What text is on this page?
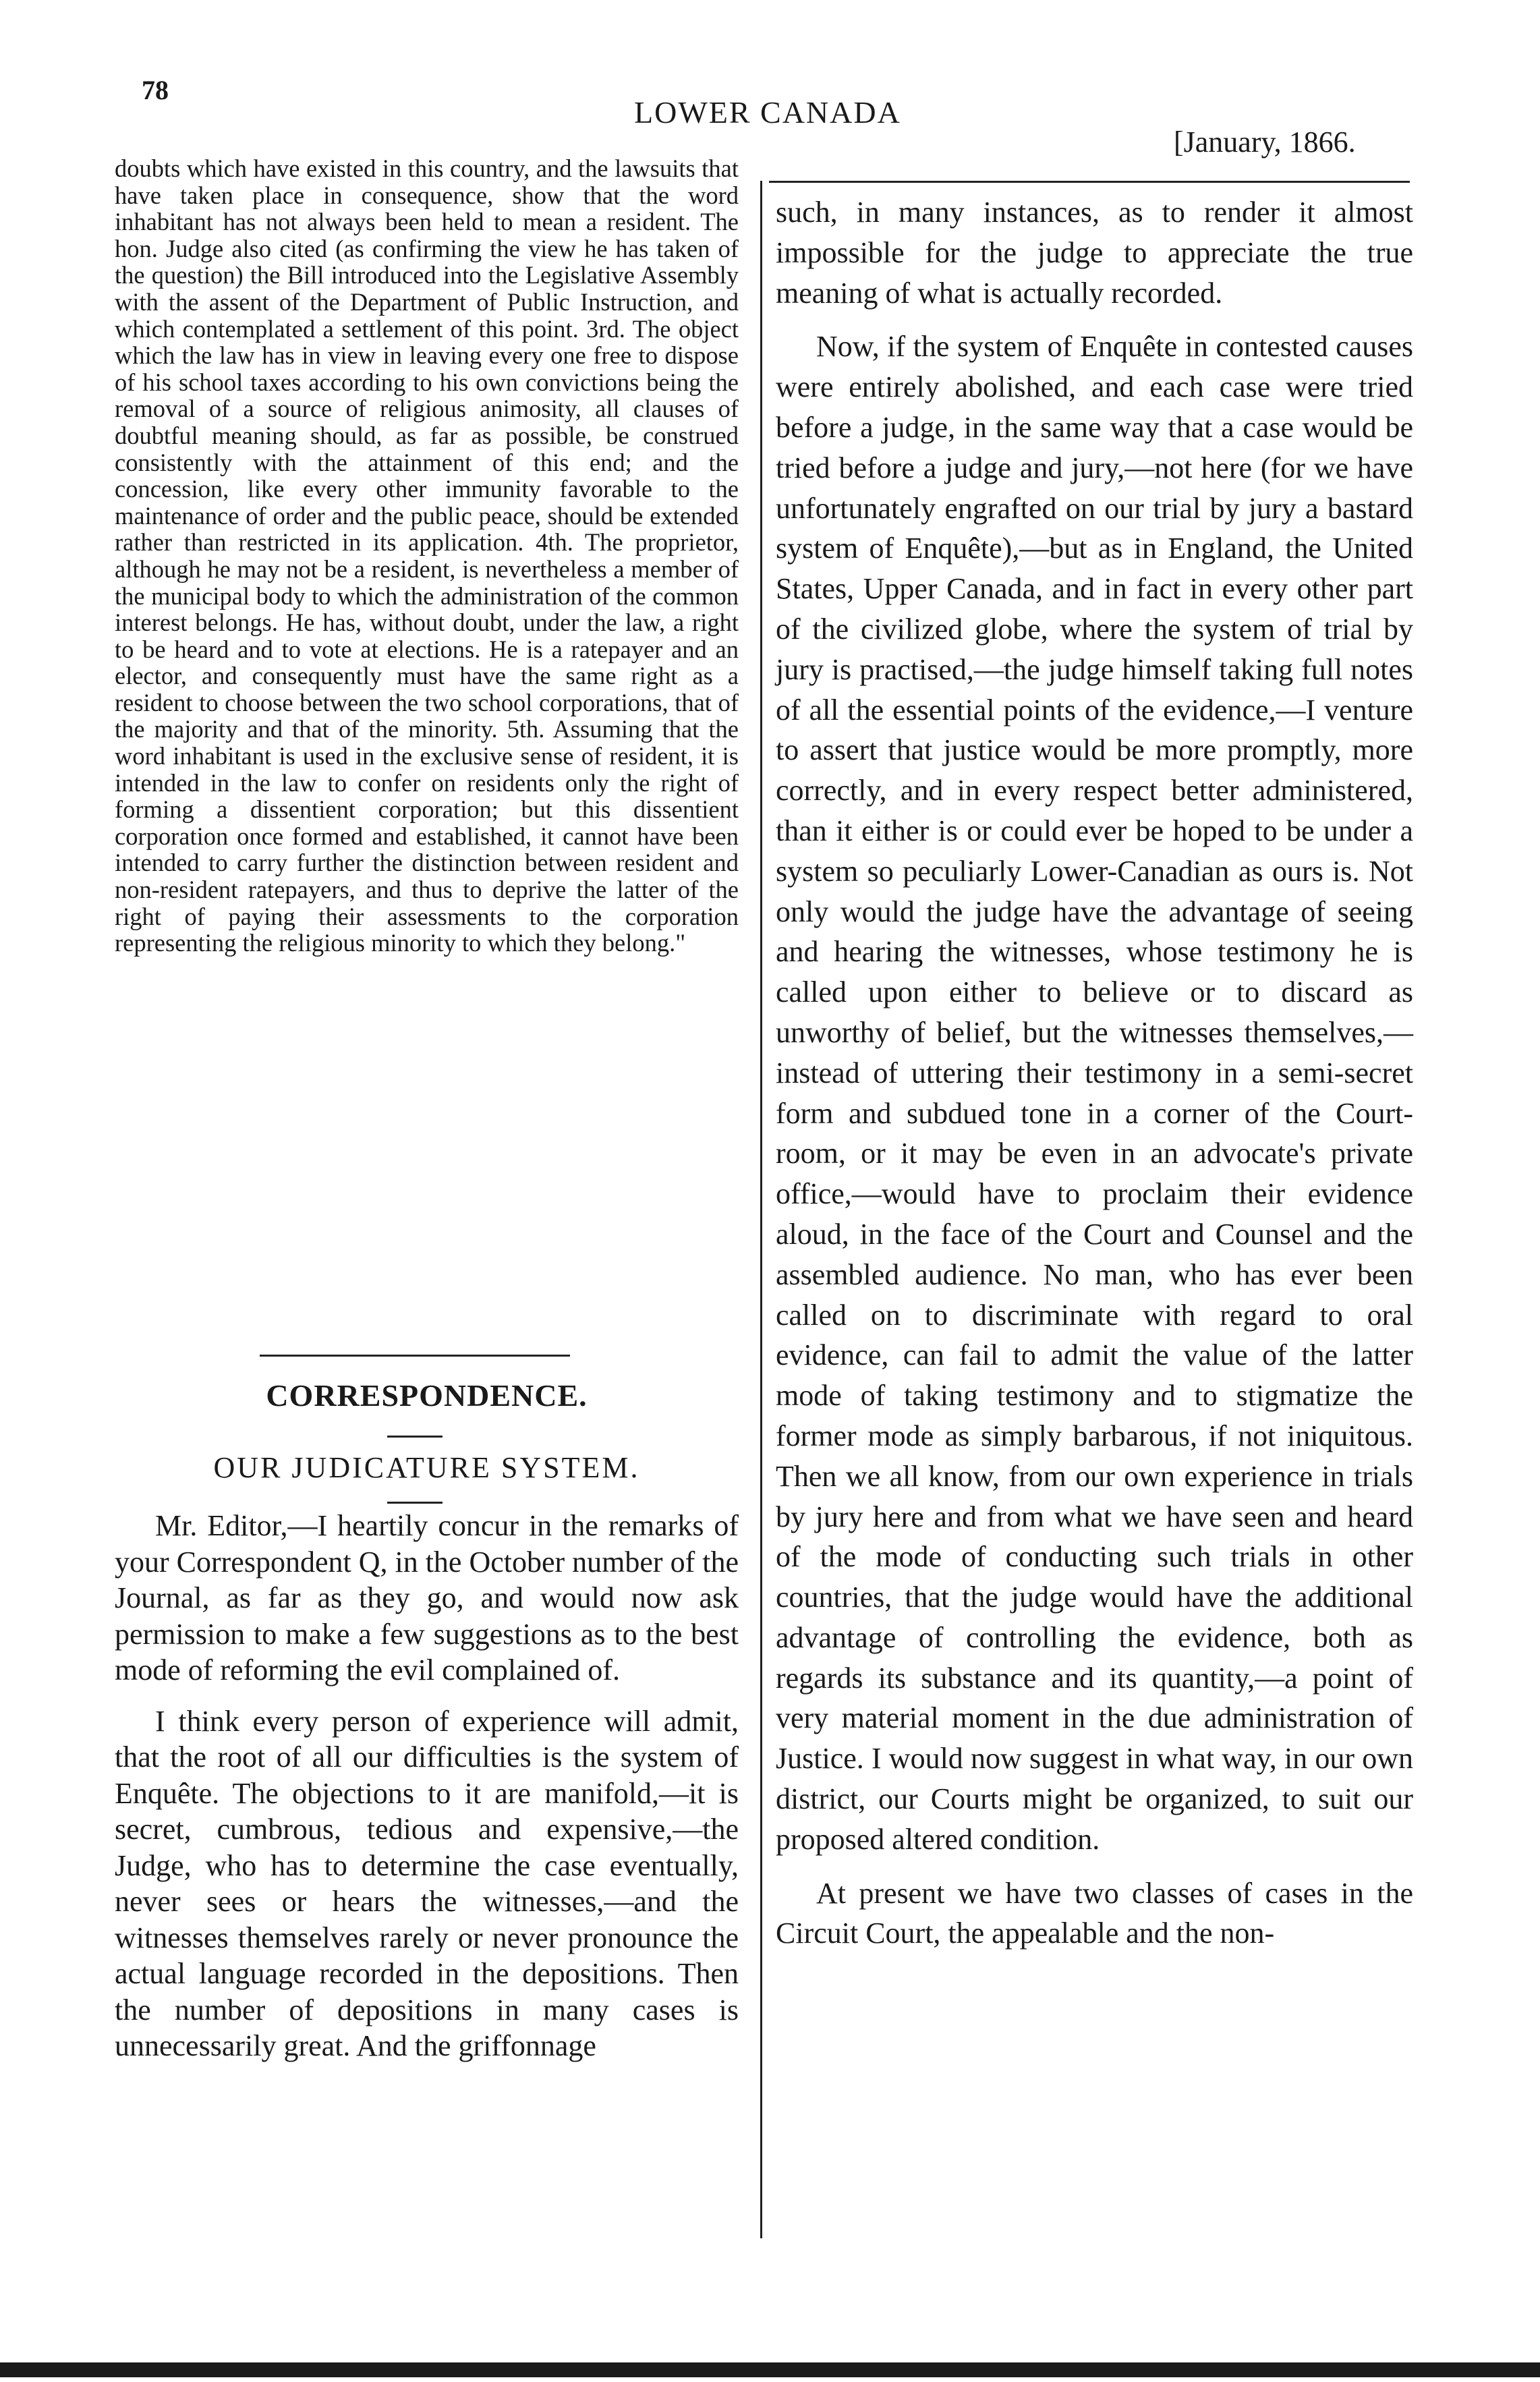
78
LOWER CANADA
[January, 1866.

doubts which have existed in this country, and the lawsuits that have taken place in consequence, show that the word inhabitant has not always been held to mean a resident. The hon. Judge also cited (as confirming the view he has taken of the question) the Bill introduced into the Legislative Assembly with the assent of the Department of Public Instruction, and which contemplated a settlement of this point. 3rd. The object which the law has in view in leaving every one free to dispose of his school taxes according to his own convictions being the removal of a source of religious animosity, all clauses of doubtful meaning should, as far as possible, be construed consistently with the attainment of this end; and the concession, like every other immunity favorable to the maintenance of order and the public peace, should be extended rather than restricted in its application. 4th. The proprietor, although he may not be a resident, is nevertheless a member of the municipal body to which the administration of the common interest belongs. He has, without doubt, under the law, a right to be heard and to vote at elections. He is a ratepayer and an elector, and consequently must have the same right as a resident to choose between the two school corporations, that of the majority and that of the minority. 5th. Assuming that the word inhabitant is used in the exclusive sense of resident, it is intended in the law to confer on residents only the right of forming a dissentient corporation; but this dissentient corporation once formed and established, it cannot have been intended to carry further the distinction between resident and non-resident ratepayers, and thus to deprive the latter of the right of paying their assessments to the corporation representing the religious minority to which they belong."

CORRESPONDENCE.
OUR JUDICATURE SYSTEM.

Mr. Editor,—I heartily concur in the remarks of your Correspondent Q, in the October number of the Journal, as far as they go, and would now ask permission to make a few suggestions as to the best mode of reforming the evil complained of.

I think every person of experience will admit, that the root of all our difficulties is the system of Enquête. The objections to it are manifold,—it is secret, cumbrous, tedious and expensive,—the Judge, who has to determine the case eventually, never sees or hears the witnesses,—and the witnesses themselves rarely or never pronounce the actual language recorded in the depositions. Then the number of depositions in many cases is unnecessarily great. And the griffonnage

such, in many instances, as to render it almost impossible for the judge to appreciate the true meaning of what is actually recorded.

Now, if the system of Enquête in contested causes were entirely abolished, and each case were tried before a judge, in the same way that a case would be tried before a judge and jury,—not here (for we have unfortunately engrafted on our trial by jury a bastard system of Enquête),—but as in England, the United States, Upper Canada, and in fact in every other part of the civilized globe, where the system of trial by jury is practised,—the judge himself taking full notes of all the essential points of the evidence,—I venture to assert that justice would be more promptly, more correctly, and in every respect better administered, than it either is or could ever be hoped to be under a system so peculiarly Lower-Canadian as ours is. Not only would the judge have the advantage of seeing and hearing the witnesses, whose testimony he is called upon either to believe or to discard as unworthy of belief, but the witnesses themselves,—instead of uttering their testimony in a semi-secret form and subdued tone in a corner of the Court-room, or it may be even in an advocate's private office,—would have to proclaim their evidence aloud, in the face of the Court and Counsel and the assembled audience. No man, who has ever been called on to discriminate with regard to oral evidence, can fail to admit the value of the latter mode of taking testimony and to stigmatize the former mode as simply barbarous, if not iniquitous. Then we all know, from our own experience in trials by jury here and from what we have seen and heard of the mode of conducting such trials in other countries, that the judge would have the additional advantage of controlling the evidence, both as regards its substance and its quantity,—a point of very material moment in the due administration of Justice. I would now suggest in what way, in our own district, our Courts might be organized, to suit our proposed altered condition.

At present we have two classes of cases in the Circuit Court, the appealable and the non-
